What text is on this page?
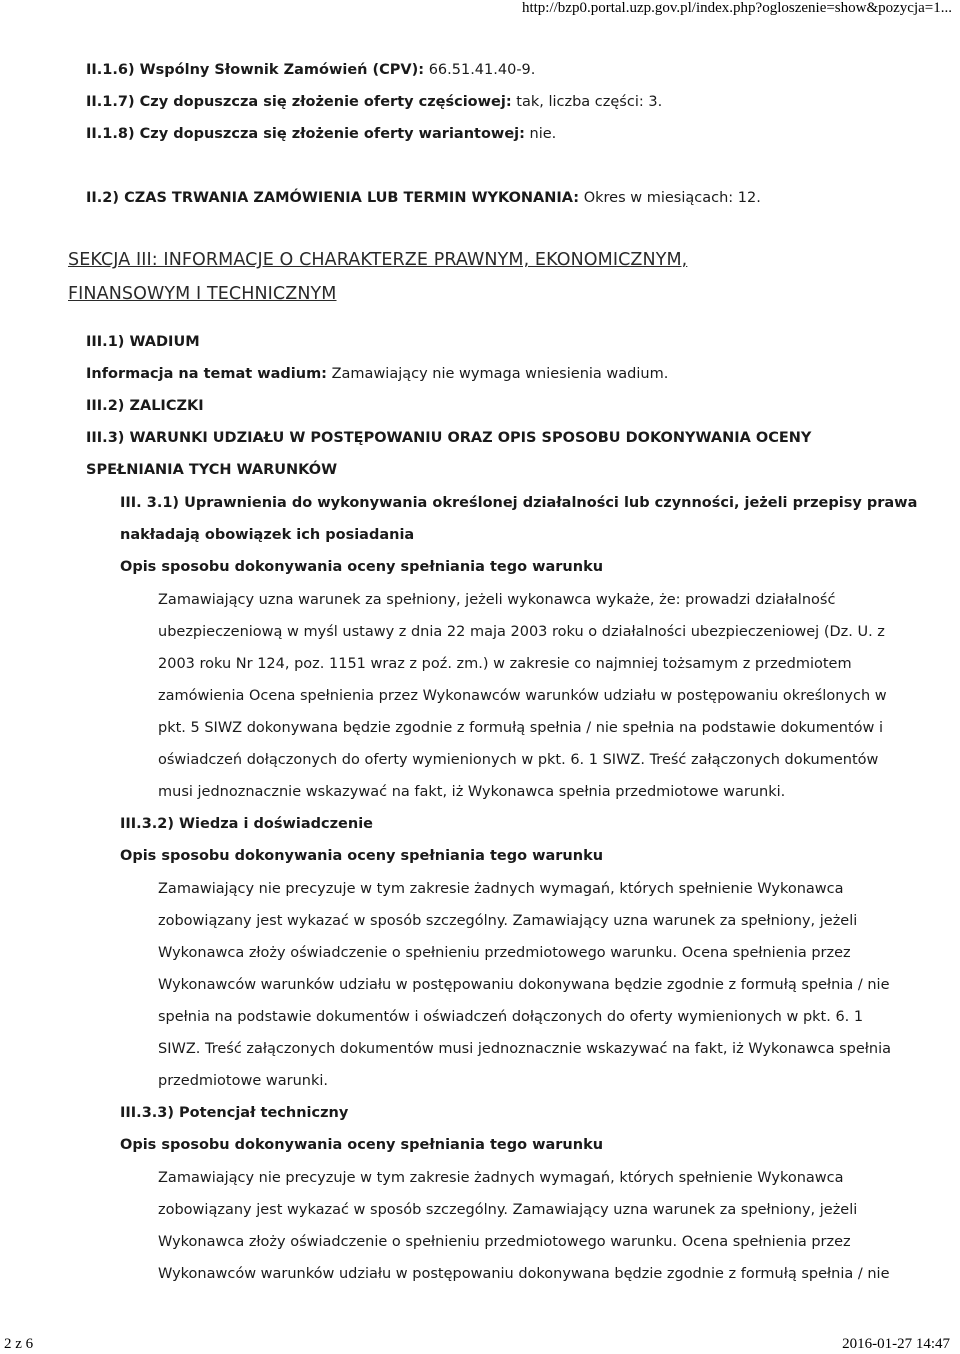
http://bzp0.portal.uzp.gov.pl/index.php?ogloszenie=show&pozycja=1...
II.1.6) Wspólny Słownik Zamówień (CPV): 66.51.41.40-9.
II.1.7) Czy dopuszcza się złożenie oferty częściowej: tak, liczba części: 3.
II.1.8) Czy dopuszcza się złożenie oferty wariantowej: nie.
II.2) CZAS TRWANIA ZAMÓWIENIA LUB TERMIN WYKONANIA: Okres w miesiącach: 12.
SEKCJA III: INFORMACJE O CHARAKTERZE PRAWNYM, EKONOMICZNYM,
FINANSOWYM I TECHNICZNYM
III.1) WADIUM
Informacja na temat wadium: Zamawiający nie wymaga wniesienia wadium.
III.2) ZALICZKI
III.3) WARUNKI UDZIAŁU W POSTĘPOWANIU ORAZ OPIS SPOSOBU DOKONYWANIA OCENY
SPEŁNIANIA TYCH WARUNKÓW
III. 3.1) Uprawnienia do wykonywania określonej działalności lub czynności, jeżeli przepisy prawa
nakładają obowiązek ich posiadania
Opis sposobu dokonywania oceny spełniania tego warunku

Zamawiający uzna warunek za spełniony, jeżeli wykonawca wykaże, że: prowadzi działalność

ubezpieczeniową w myśl ustawy z dnia 22 maja 2003 roku o działalności ubezpieczeniowej (Dz. U. z

2003 roku Nr 124, poz. 1151 wraz z poź. zm.) w zakresie co najmniej tożsamym z przedmiotem

zamówienia Ocena spełnienia przez Wykonawców warunków udziału w postępowaniu określonych w

pkt. 5 SIWZ dokonywana będzie zgodnie z formułą spełnia / nie spełnia na podstawie dokumentów i

oświadczeń dołączonych do oferty wymienionych w pkt. 6. 1 SIWZ. Treść załączonych dokumentów

musi jednoznacznie wskazywać na fakt, iż Wykonawca spełnia przedmiotowe warunki.

III.3.2) Wiedza i doświadczenie
Opis sposobu dokonywania oceny spełniania tego warunku

Zamawiający nie precyzuje w tym zakresie żadnych wymagań, których spełnienie Wykonawca

zobowiązany jest wykazać w sposób szczególny. Zamawiający uzna warunek za spełniony, jeżeli

Wykonawca złoży oświadczenie o spełnieniu przedmiotowego warunku. Ocena spełnienia przez

Wykonawców warunków udziału w postępowaniu dokonywana będzie zgodnie z formułą spełnia / nie

spełnia na podstawie dokumentów i oświadczeń dołączonych do oferty wymienionych w pkt. 6. 1

SIWZ. Treść załączonych dokumentów musi jednoznacznie wskazywać na fakt, iż Wykonawca spełnia

przedmiotowe warunki.

III.3.3) Potencjał techniczny
Opis sposobu dokonywania oceny spełniania tego warunku

Zamawiający nie precyzuje w tym zakresie żadnych wymagań, których spełnienie Wykonawca

zobowiązany jest wykazać w sposób szczególny. Zamawiający uzna warunek za spełniony, jeżeli

Wykonawca złoży oświadczenie o spełnieniu przedmiotowego warunku. Ocena spełnienia przez

Wykonawców warunków udziału w postępowaniu dokonywana będzie zgodnie z formułą spełnia / nie

2 z 6	2016-01-27 14:47
